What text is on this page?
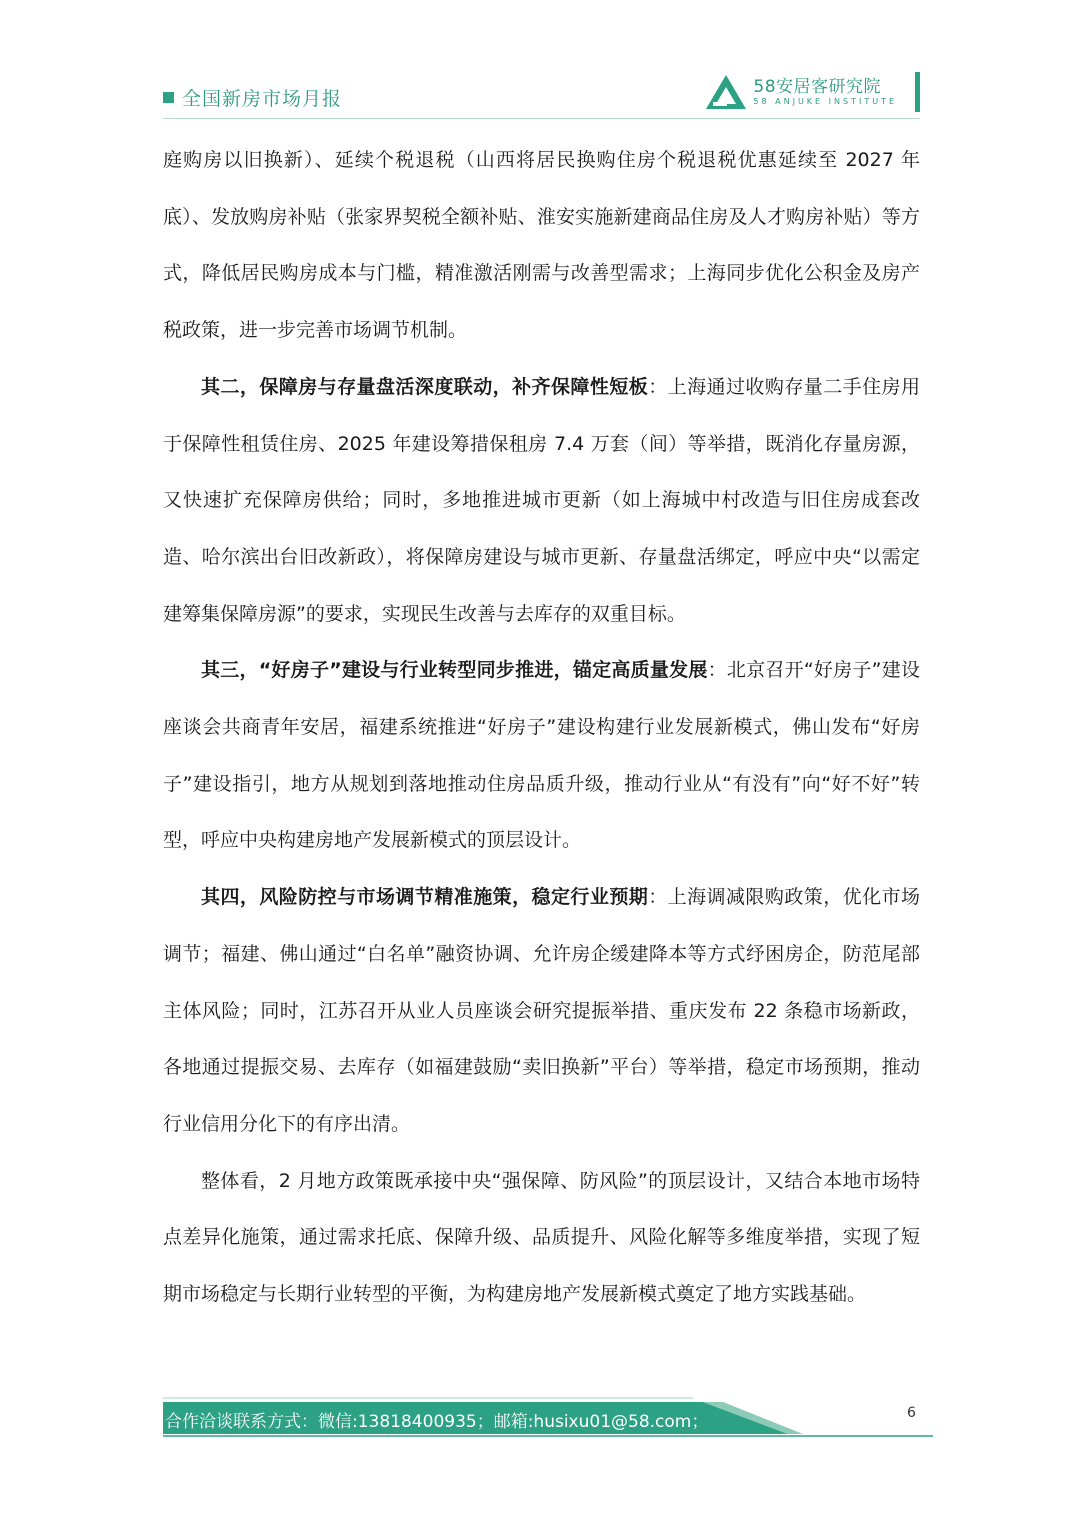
全国新房市场月报
58安居客研究院
58 ANJUKE INSTITUTE

庭购房以旧换新）、延续个税退税（山西将居民换购住房个税退税优惠延续至 2027 年底）、发放购房补贴（张家界契税全额补贴、淮安实施新建商品住房及人才购房补贴）等方式，降低居民购房成本与门槛，精准激活刚需与改善型需求；上海同步优化公积金及房产税政策，进一步完善市场调节机制。

其二，保障房与存量盘活深度联动，补齐保障性短板：上海通过收购存量二手住房用于保障性租赁住房、2025 年建设筹措保租房 7.4 万套（间）等举措，既消化存量房源，又快速扩充保障房供给；同时，多地推进城市更新（如上海城中村改造与旧住房成套改造、哈尔滨出台旧改新政），将保障房建设与城市更新、存量盘活绑定，呼应中央“以需定建筹集保障房源”的要求，实现民生改善与去库存的双重目标。

其三，“好房子”建设与行业转型同步推进，锚定高质量发展：北京召开“好房子”建设座谈会共商青年安居，福建系统推进“好房子”建设构建行业发展新模式，佛山发布“好房子”建设指引，地方从规划到落地推动住房品质升级，推动行业从“有没有”向“好不好”转型，呼应中央构建房地产发展新模式的顶层设计。

其四，风险防控与市场调节精准施策，稳定行业预期：上海调减限购政策，优化市场调节；福建、佛山通过“白名单”融资协调、允许房企缓建降本等方式纾困房企，防范尾部主体风险；同时，江苏召开从业人员座谈会研究提振举措、重庆发布 22 条稳市场新政，各地通过提振交易、去库存（如福建鼓励“卖旧换新”平台）等举措，稳定市场预期，推动行业信用分化下的有序出清。

整体看，2 月地方政策既承接中央“强保障、防风险”的顶层设计，又结合本地市场特点差异化施策，通过需求托底、保障升级、品质提升、风险化解等多维度举措，实现了短期市场稳定与长期行业转型的平衡，为构建房地产发展新模式奠定了地方实践基础。

合作洽谈联系方式：微信:13818400935；邮箱:husixu01@58.com；	6
